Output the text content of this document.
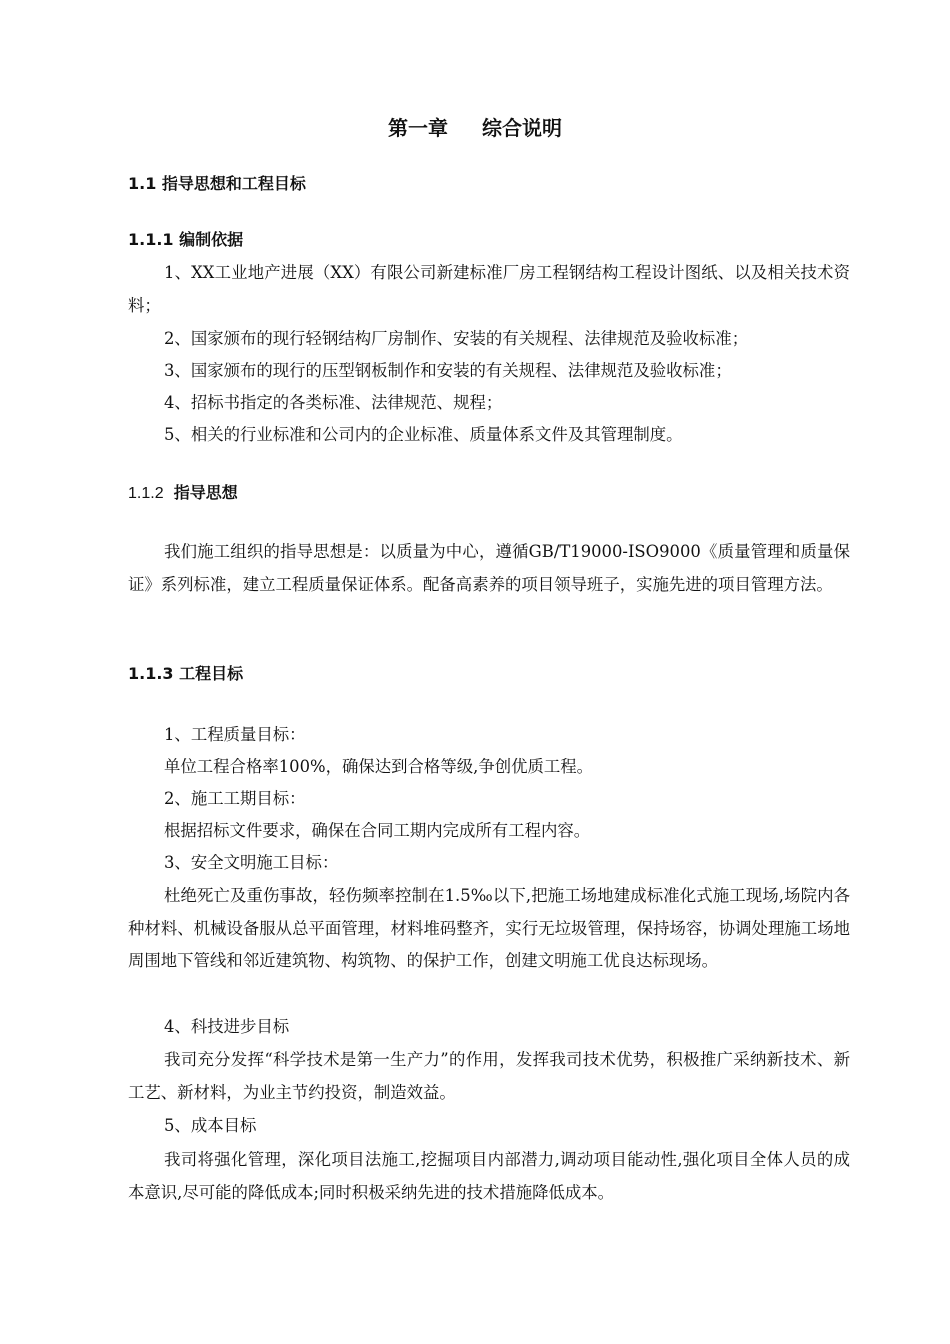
第一章 综合说明
1.1 指导思想和工程目标
1.1.1 编制依据
1、XX工业地产进展（XX）有限公司新建标准厂房工程钢结构工程设计图纸、以及相关技术资料；
2、国家颁布的现行轻钢结构厂房制作、安装的有关规程、法律规范及验收标准；
3、国家颁布的现行的压型钢板制作和安装的有关规程、法律规范及验收标准；
4、招标书指定的各类标准、法律规范、规程；
5、相关的行业标准和公司内的企业标准、质量体系文件及其管理制度。
1.1.2 指导思想
我们施工组织的指导思想是：以质量为中心，遵循GB/T19000-ISO9000《质量管理和质量保证》系列标准，建立工程质量保证体系。配备高素养的项目领导班子，实施先进的项目管理方法。
1.1.3 工程目标
1、工程质量目标：
单位工程合格率100%，确保达到合格等级,争创优质工程。
2、施工工期目标：
根据招标文件要求，确保在合同工期内完成所有工程内容。
3、安全文明施工目标：
杜绝死亡及重伤事故，轻伤频率控制在1.5‰以下,把施工场地建成标准化式施工现场,场院内各种材料、机械设备服从总平面管理，材料堆码整齐，实行无垃圾管理，保持场容，协调处理施工场地周围地下管线和邻近建筑物、构筑物、的保护工作，创建文明施工优良达标现场。
4、科技进步目标
我司充分发挥“科学技术是第一生产力”的作用，发挥我司技术优势，积极推广采纳新技术、新工艺、新材料，为业主节约投资，制造效益。
5、成本目标
我司将强化管理，深化项目法施工,挖掘项目内部潜力,调动项目能动性,强化项目全体人员的成本意识,尽可能的降低成本;同时积极采纳先进的技术措施降低成本。
